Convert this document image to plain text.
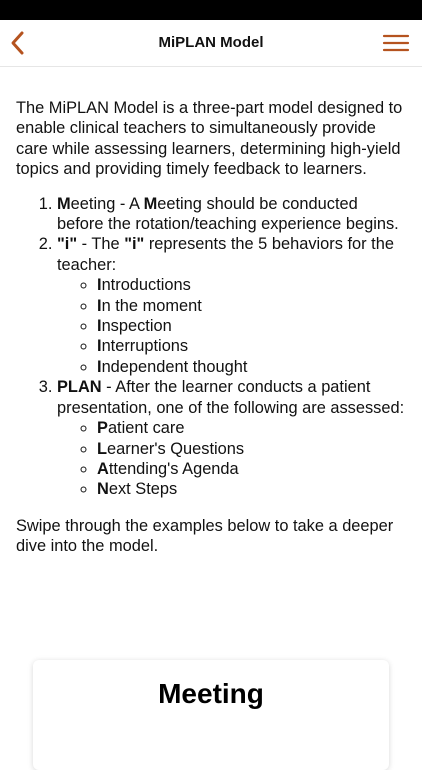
MiPLAN Model

The MiPLAN Model is a three-part model designed to enable clinical teachers to simultaneously provide care while assessing learners, determining high-yield topics and providing timely feedback to learners.

1. Meeting - A Meeting should be conducted before the rotation/teaching experience begins.
2. "i" - The "i" represents the 5 behaviors for the teacher:
◦ Introductions
◦ In the moment
◦ Inspection
◦ Interruptions
◦ Independent thought
3. PLAN - After the learner conducts a patient presentation, one of the following are assessed:
◦ Patient care
◦ Learner's Questions
◦ Attending's Agenda
◦ Next Steps

Swipe through the examples below to take a deeper dive into the model.

Meeting
